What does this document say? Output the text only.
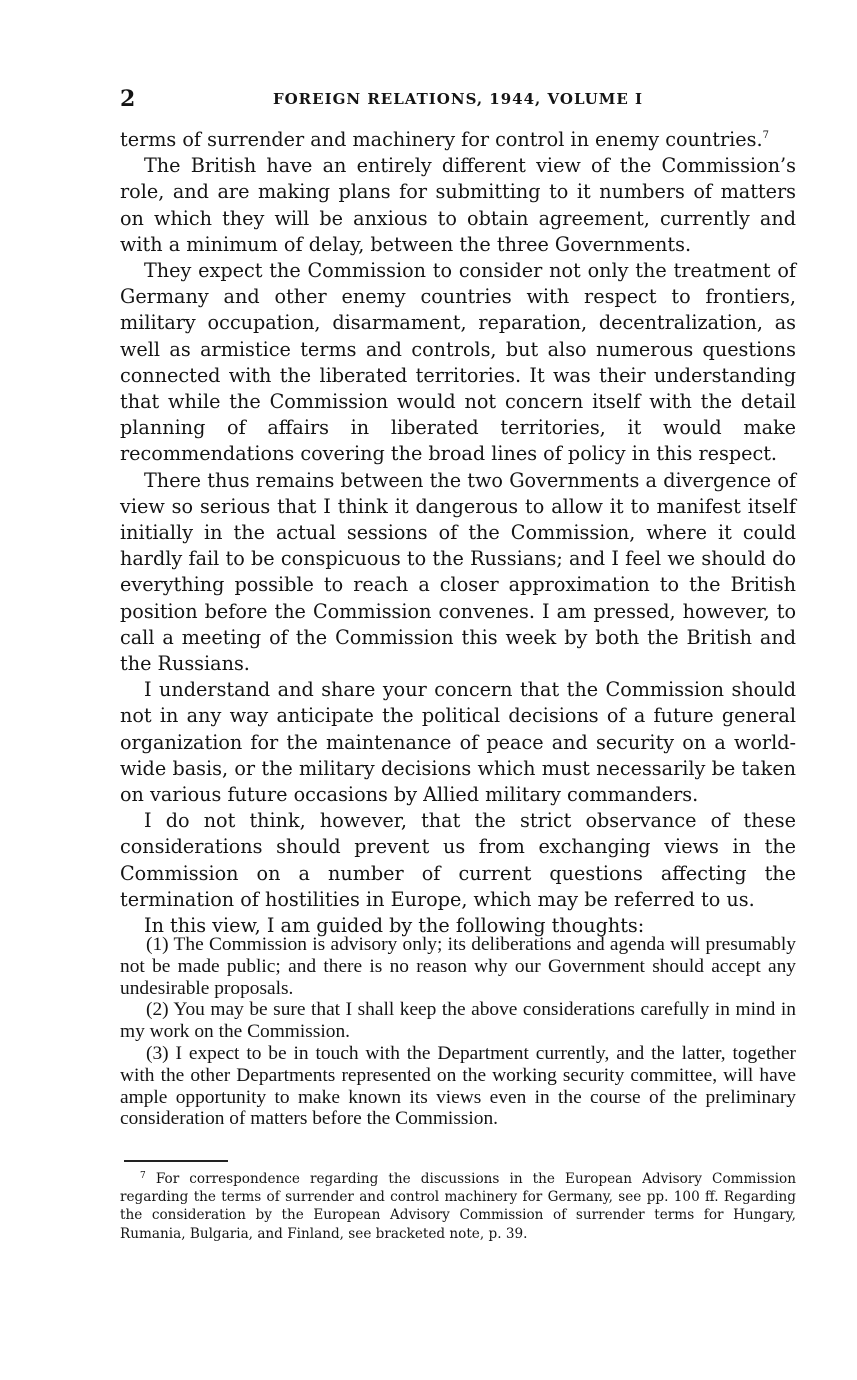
2	FOREIGN RELATIONS, 1944, VOLUME I

terms of surrender and machinery for control in enemy countries.$^7$

The British have an entirely different view of the Commission’s role, and are making plans for submitting to it numbers of matters on which they will be anxious to obtain agreement, currently and with a minimum of delay, between the three Governments.

They expect the Commission to consider not only the treatment of Germany and other enemy countries with respect to frontiers, military occupation, disarmament, reparation, decentralization, as well as armistice terms and controls, but also numerous questions connected with the liberated territories. It was their understanding that while the Commission would not concern itself with the detail planning of affairs in liberated territories, it would make recommendations covering the broad lines of policy in this respect.

There thus remains between the two Governments a divergence of view so serious that I think it dangerous to allow it to manifest itself initially in the actual sessions of the Commission, where it could hardly fail to be conspicuous to the Russians; and I feel we should do everything possible to reach a closer approximation to the British position before the Commission convenes. I am pressed, however, to call a meeting of the Commission this week by both the British and the Russians.

I understand and share your concern that the Commission should not in any way anticipate the political decisions of a future general organization for the maintenance of peace and security on a world-wide basis, or the military decisions which must necessarily be taken on various future occasions by Allied military commanders.

I do not think, however, that the strict observance of these considerations should prevent us from exchanging views in the Commission on a number of current questions affecting the termination of hostilities in Europe, which may be referred to us.

In this view, I am guided by the following thoughts:

(1) The Commission is advisory only; its deliberations and agenda will presumably not be made public; and there is no reason why our Government should accept any undesirable proposals.

(2) You may be sure that I shall keep the above considerations carefully in mind in my work on the Commission.

(3) I expect to be in touch with the Department currently, and the latter, together with the other Departments represented on the working security committee, will have ample opportunity to make known its views even in the course of the preliminary consideration of matters before the Commission.

$^7$ For correspondence regarding the discussions in the European Advisory Commission regarding the terms of surrender and control machinery for Germany, see pp. 100 ff. Regarding the consideration by the European Advisory Commission of surrender terms for Hungary, Rumania, Bulgaria, and Finland, see bracketed note, p. 39.
